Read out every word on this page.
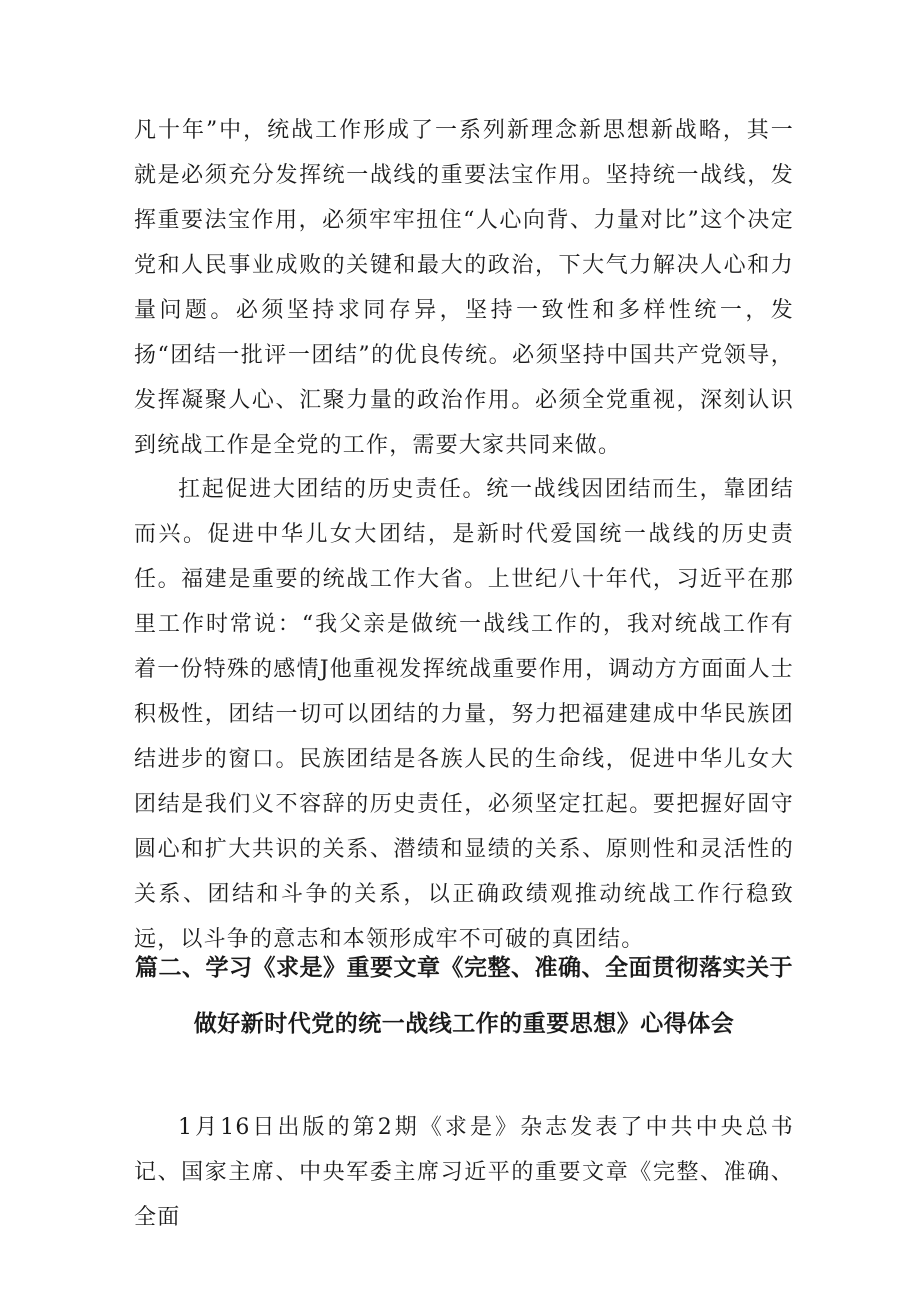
凡十年”中，统战工作形成了一系列新理念新思想新战略，其一就是必须充分发挥统一战线的重要法宝作用。坚持统一战线，发挥重要法宝作用，必须牢牢扭住“人心向背、力量对比”这个决定党和人民事业成败的关键和最大的政治，下大气力解决人心和力量问题。必须坚持求同存异，坚持一致性和多样性统一，发扬“团结一批评一团结”的优良传统。必须坚持中国共产党领导，发挥凝聚人心、汇聚力量的政治作用。必须全党重视，深刻认识到统战工作是全党的工作，需要大家共同来做。

扛起促进大团结的历史责任。统一战线因团结而生，靠团结而兴。促进中华儿女大团结，是新时代爱国统一战线的历史责任。福建是重要的统战工作大省。上世纪八十年代，习近平在那里工作时常说：“我父亲是做统一战线工作的，我对统战工作有着一份特殊的感情J他重视发挥统战重要作用，调动方方面面人士积极性，团结一切可以团结的力量，努力把福建建成中华民族团结进步的窗口。民族团结是各族人民的生命线，促进中华儿女大团结是我们义不容辞的历史责任，必须坚定扛起。要把握好固守圆心和扩大共识的关系、潜绩和显绩的关系、原则性和灵活性的关系、团结和斗争的关系，以正确政绩观推动统战工作行稳致远，以斗争的意志和本领形成牢不可破的真团结。

篇二、学习《求是》重要文章《完整、准确、全面贯彻落实关于做好新时代党的统一战线工作的重要思想》心得体会

1月16日出版的第2期《求是》杂志发表了中共中央总书记、国家主席、中央军委主席习近平的重要文章《完整、准确、全面
